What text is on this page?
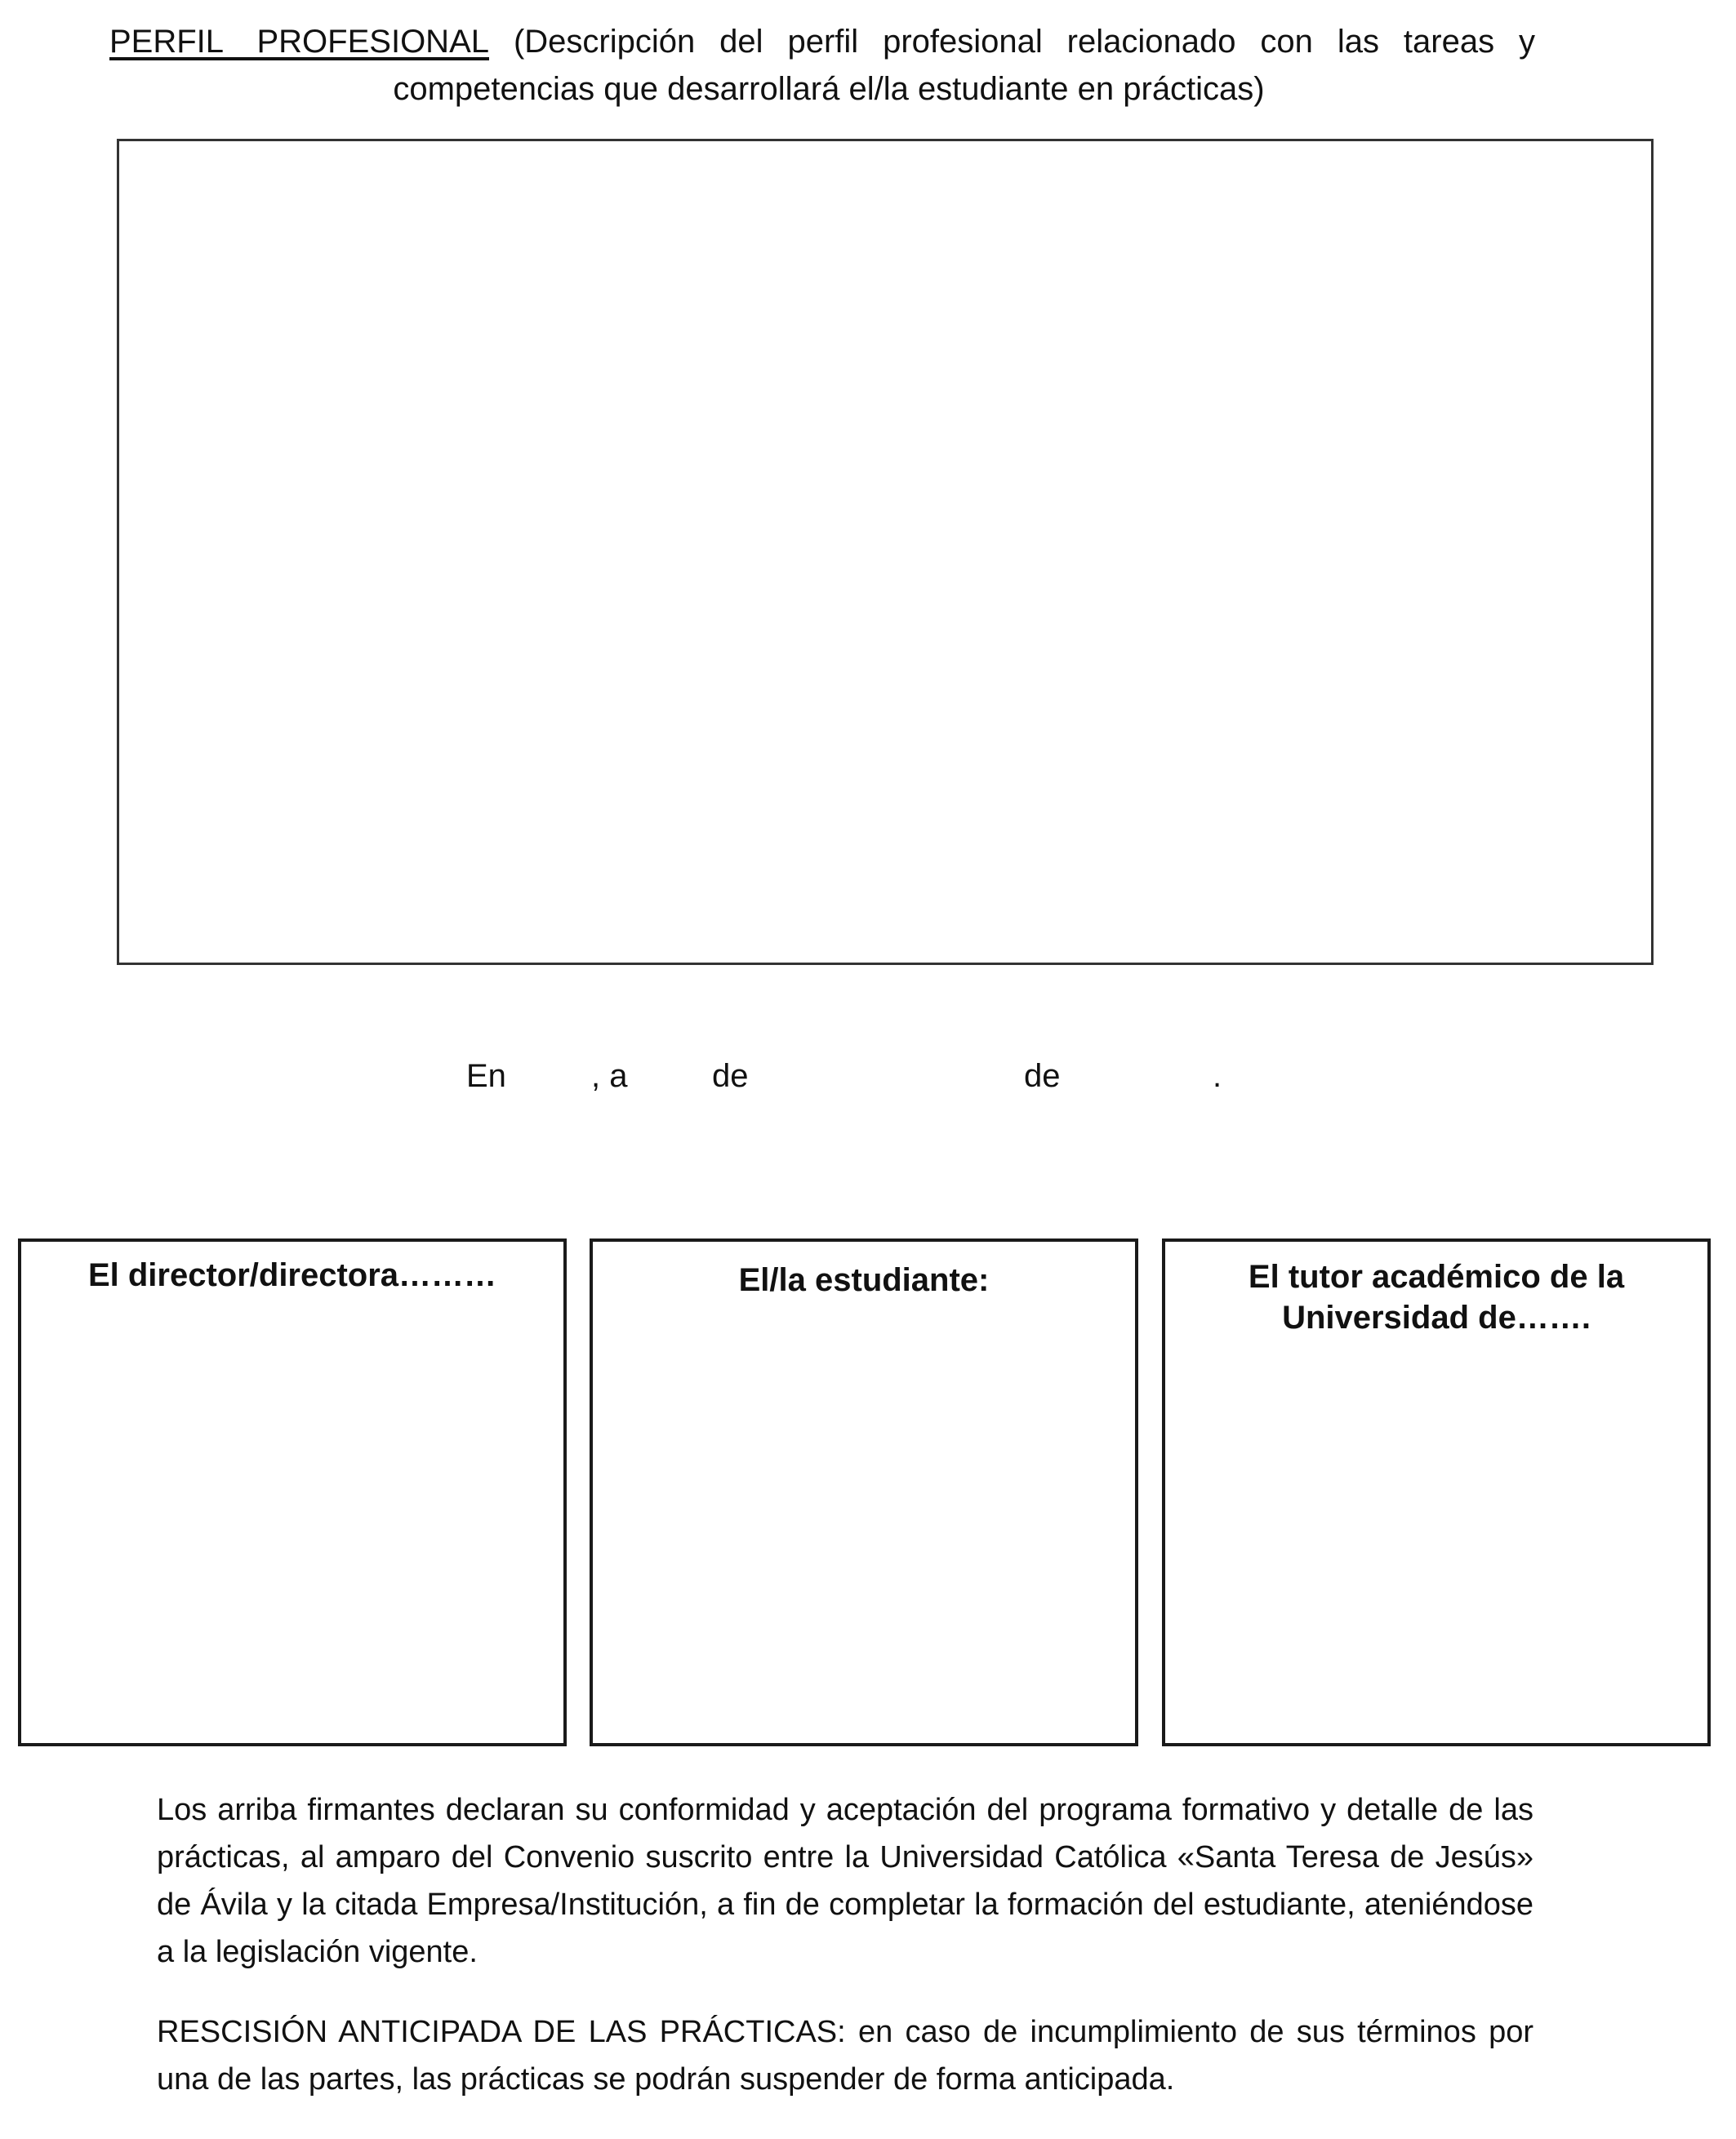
PERFIL PROFESIONAL (Descripción del perfil profesional relacionado con las tareas y
competencias que desarrollará el/la estudiante en prácticas)
En	, a	de	de	.
El director/directora………	El/la estudiante:	El tutor académico de la
Universidad de…….

Los arriba firmantes declaran su conformidad y aceptación del programa formativo y detalle de las prácticas, al amparo del Convenio suscrito entre la Universidad Católica «Santa Teresa de Jesús» de Ávila y la citada Empresa/Institución, a fin de completar la formación del estudiante, ateniéndose a la legislación vigente.

RESCISIÓN ANTICIPADA DE LAS PRÁCTICAS: en caso de incumplimiento de sus términos por una de las partes, las prácticas se podrán suspender de forma anticipada.
